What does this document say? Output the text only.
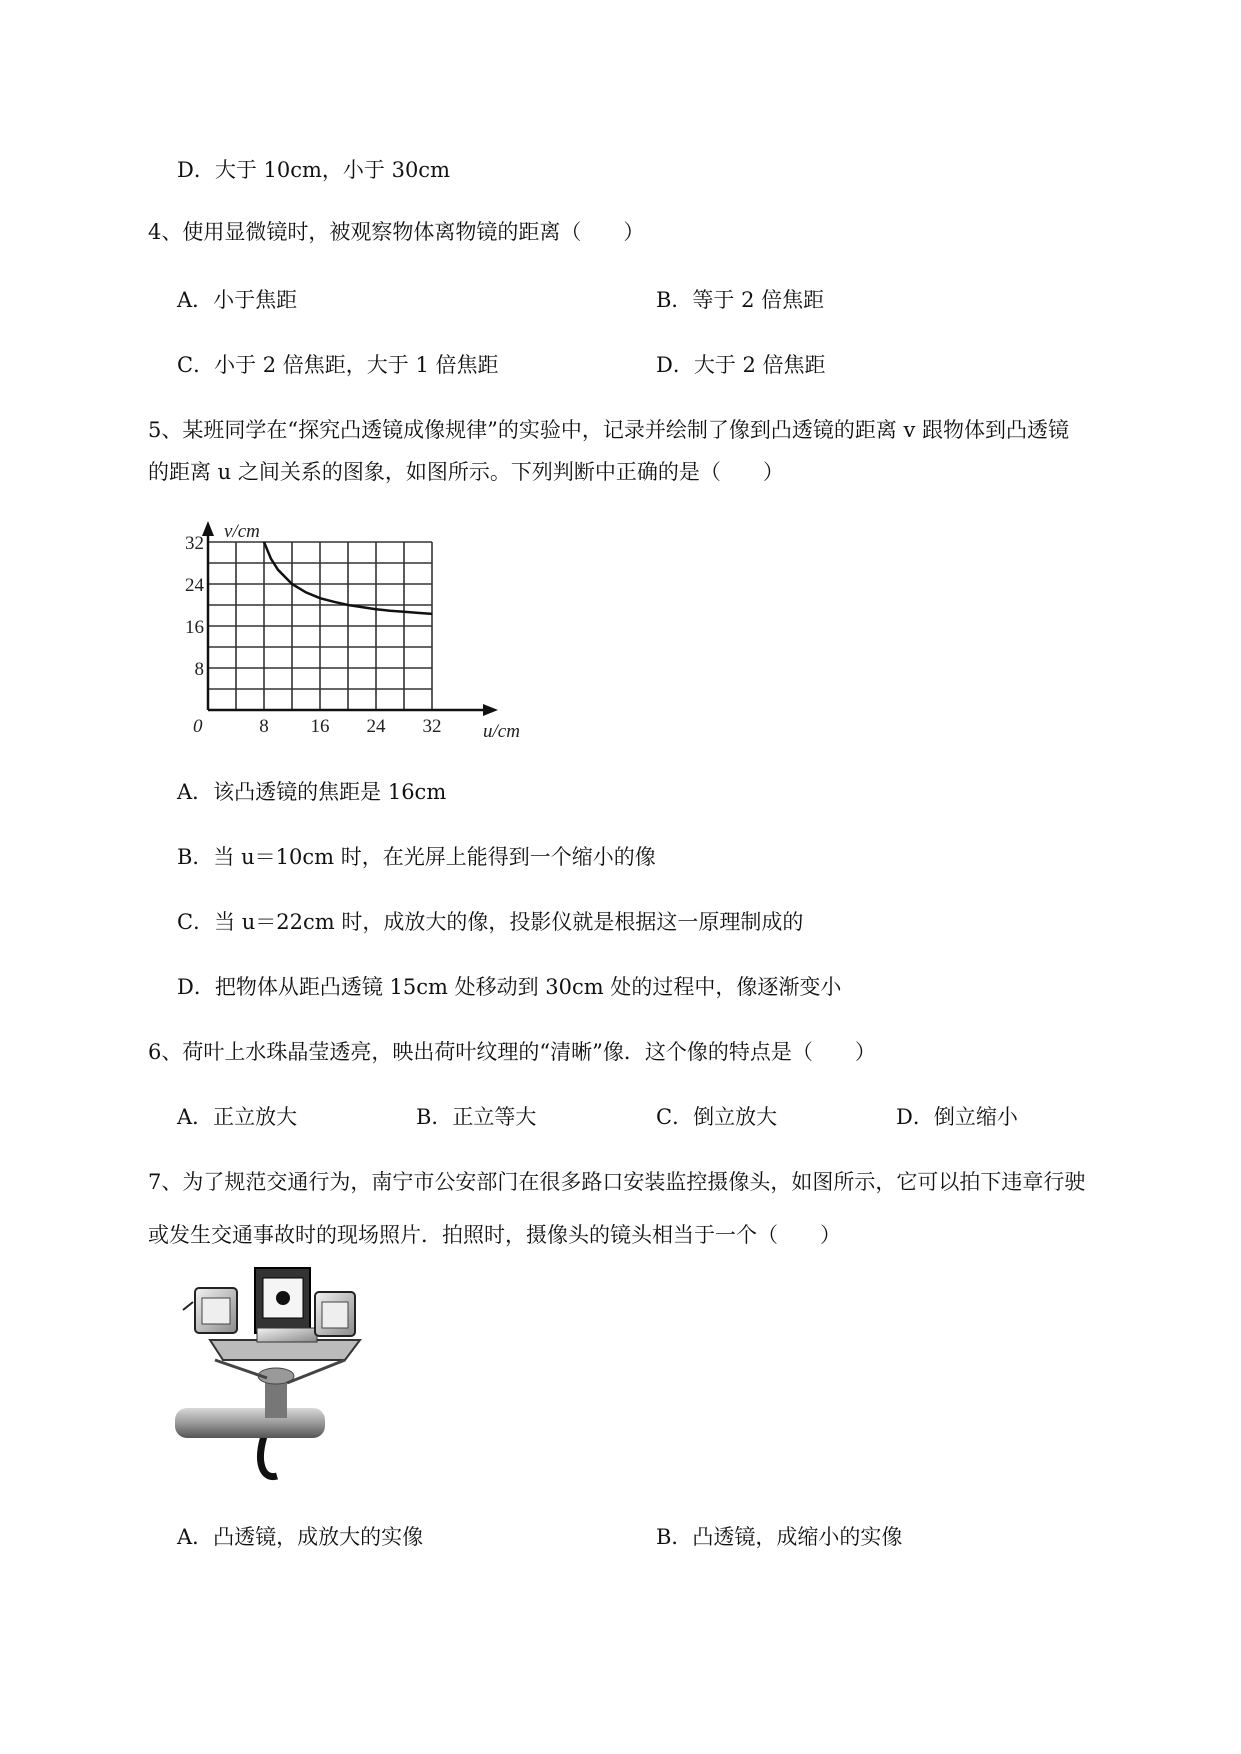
D．大于 10cm，小于 30cm
4、使用显微镜时，被观察物体离物镜的距离（　　）
A．小于焦距	B．等于 2 倍焦距
C．小于 2 倍焦距，大于 1 倍焦距	D．大于 2 倍焦距
5、某班同学在“探究凸透镜成像规律”的实验中，记录并绘制了像到凸透镜的距离 v 跟物体到凸透镜
的距离 u 之间关系的图象，如图所示。下列判断中正确的是（　　）
8 16 24 32
8
16
24
32
v/cm
u/cm
0
A．该凸透镜的焦距是 16cm
B．当 u＝10cm 时，在光屏上能得到一个缩小的像
C．当 u＝22cm 时，成放大的像，投影仪就是根据这一原理制成的
D．把物体从距凸透镜 15cm 处移动到 30cm 处的过程中，像逐渐变小
6、荷叶上水珠晶莹透亮，映出荷叶纹理的“清晰”像．这个像的特点是（　　）
A．正立放大	B．正立等大	C．倒立放大	D．倒立缩小
7、为了规范交通行为，南宁市公安部门在很多路口安装监控摄像头，如图所示，它可以拍下违章行驶
或发生交通事故时的现场照片．拍照时，摄像头的镜头相当于一个（　　）
A．凸透镜，成放大的实像	B．凸透镜，成缩小的实像
